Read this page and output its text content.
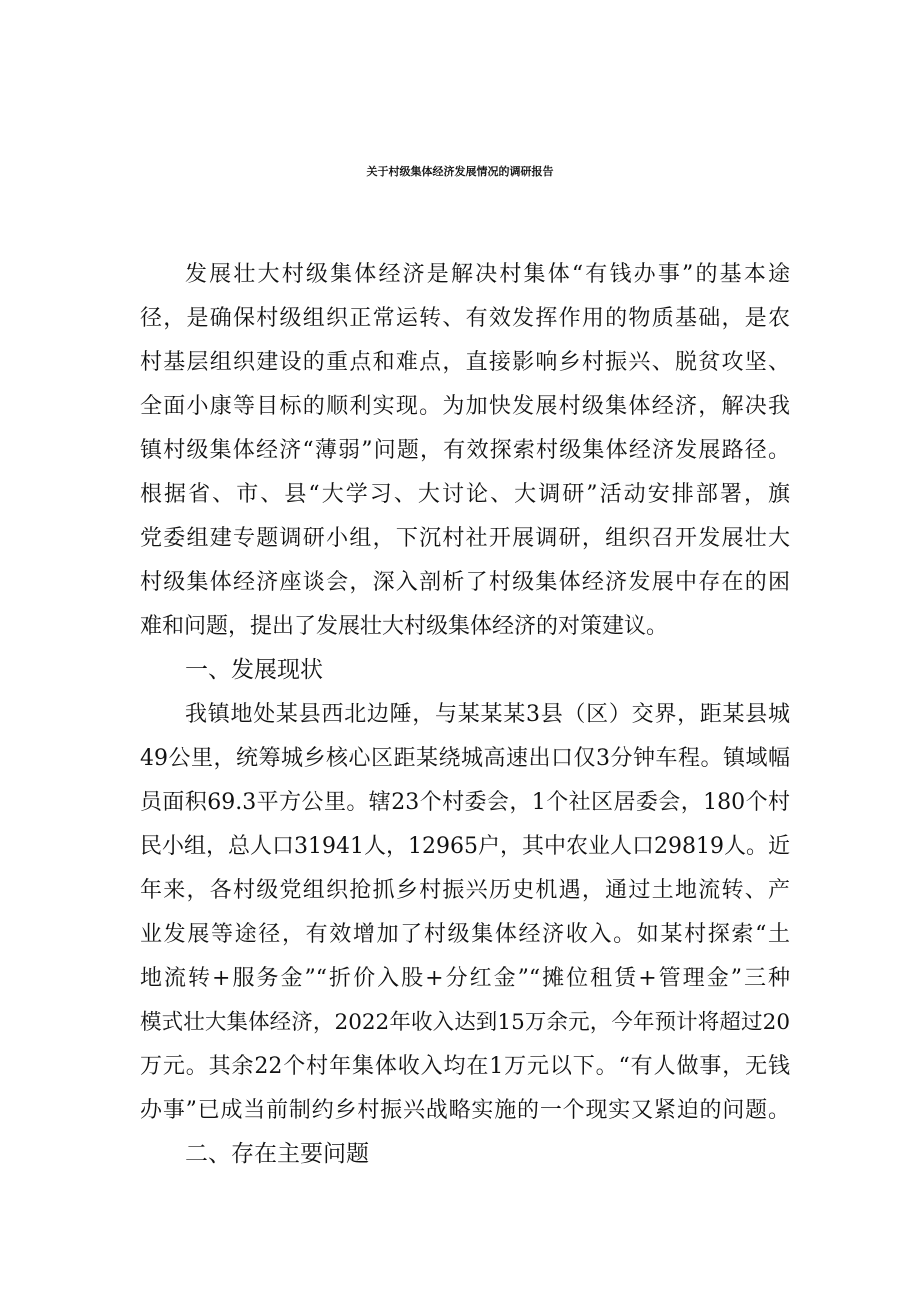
关于村级集体经济发展情况的调研报告
发展壮大村级集体经济是解决村集体“有钱办事”的基本途
径，是确保村级组织正常运转、有效发挥作用的物质基础，是农
村基层组织建设的重点和难点，直接影响乡村振兴、脱贫攻坚、
全面小康等目标的顺利实现。为加快发展村级集体经济，解决我
镇村级集体经济“薄弱”问题，有效探索村级集体经济发展路径。
根据省、市、县“大学习、大讨论、大调研”活动安排部署，旗
党委组建专题调研小组，下沉村社开展调研，组织召开发展壮大
村级集体经济座谈会，深入剖析了村级集体经济发展中存在的困
难和问题，提出了发展壮大村级集体经济的对策建议。
一、发展现状
我镇地处某县西北边陲，与某某某3县（区）交界，距某县城
49公里，统筹城乡核心区距某绕城高速出口仅3分钟车程。镇域幅
员面积69.3平方公里。辖23个村委会，1个社区居委会，180个村
民小组，总人口31941人，12965户，其中农业人口29819人。近
年来，各村级党组织抢抓乡村振兴历史机遇，通过土地流转、产
业发展等途径，有效增加了村级集体经济收入。如某村探索“土
地流转+服务金”“折价入股+分红金”“摊位租赁+管理金”三种
模式壮大集体经济，2022年收入达到15万余元，今年预计将超过20
万元。其余22个村年集体收入均在1万元以下。“有人做事，无钱
办事”已成当前制约乡村振兴战略实施的一个现实又紧迫的问题。
二、存在主要问题
